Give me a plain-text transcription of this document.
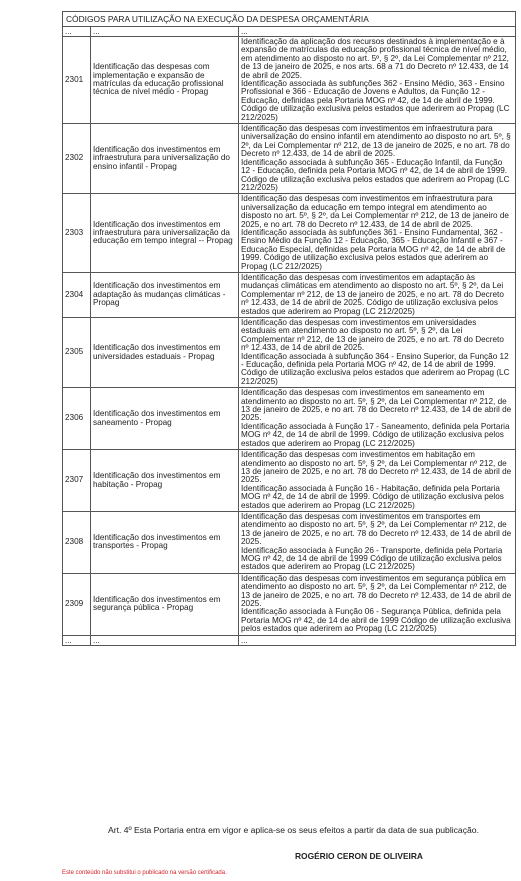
CÓDIGOS PARA UTILIZAÇÃO NA EXECUÇÃO DA DESPESA ORÇAMENTÁRIA		
...	...	...
2301	Identificação das despesas com implementação e expansão de matrículas da educação profissional técnica de nível médio - Propag	Identificação da aplicação dos recursos destinados à implementação e à expansão de matrículas da educação profissional técnica de nível médio, em atendimento ao disposto no art. 5º, § 2º, da Lei Complementar nº 212, de 13 de janeiro de 2025, e nos arts. 68 a 71 do Decreto nº 12.433, de 14 de abril de 2025.

Identificação associada às subfunções 362 - Ensino Médio, 363 - Ensino Profissional e 366 - Educação de Jovens e Adultos, da Função 12 - Educação, definidas pela Portaria MOG nº 42, de 14 de abril de 1999.

Código de utilização exclusiva pelos estados que aderirem ao Propag (LC 212/2025)

2302	Identificação dos investimentos em infraestrutura para universalização do ensino infantil - Propag	Identificação das despesas com investimentos em infraestrutura para universalização do ensino infantil em atendimento ao disposto no art. 5º, § 2º, da Lei Complementar nº 212, de 13 de janeiro de 2025, e no art. 78 do Decreto nº 12.433, de 14 de abril de 2025.

Identificação associada à subfunção 365 - Educação Infantil, da Função 12 - Educação, definida pela Portaria MOG nº 42, de 14 de abril de 1999. Código de utilização exclusiva pelos estados que aderirem ao Propag (LC 212/2025)

2303	Identificação dos investimentos em infraestrutura para universalização da educação em tempo integral -- Propag	Identificação das despesas com investimentos em infraestrutura para universalização da educação em tempo integral em atendimento ao disposto no art. 5º, § 2º, da Lei Complementar nº 212, de 13 de janeiro de 2025, e no art. 78 do Decreto nº 12.433, de 14 de abril de 2025.

Identificação associada às subfunções 361 - Ensino Fundamental, 362 - Ensino Médio da Função 12 - Educação, 365 - Educação Infantil e 367 - Educação Especial, definidas pela Portaria MOG nº 42, de 14 de abril de 1999. Código de utilização exclusiva pelos estados que aderirem ao Propag (LC 212/2025)

2304	Identificação dos investimentos em adaptação às mudanças climáticas - Propag	Identificação das despesas com investimentos em adaptação às mudanças climáticas em atendimento ao disposto no art. 5º, § 2º, da Lei Complementar nº 212, de 13 de janeiro de 2025, e no art. 78 do Decreto nº 12.433, de 14 de abril de 2025. Código de utilização exclusiva pelos estados que aderirem ao Propag (LC 212/2025)

2305	Identificação dos investimentos em universidades estaduais - Propag	Identificação das despesas com investimentos em universidades estaduais em atendimento ao disposto no art. 5º, § 2º, da Lei Complementar nº 212, de 13 de janeiro de 2025, e no art. 78 do Decreto nº 12.433, de 14 de abril de 2025.

Identificação associada à subfunção 364 - Ensino Superior, da Função 12 - Educação, definida pela Portaria MOG nº 42, de 14 de abril de 1999. Código de utilização exclusiva pelos estados que aderirem ao Propag (LC 212/2025)

2306	Identificação dos investimentos em saneamento - Propag	Identificação das despesas com investimentos em saneamento em atendimento ao disposto no art. 5º, § 2º, da Lei Complementar nº 212, de 13 de janeiro de 2025, e no art. 78 do Decreto nº 12.433, de 14 de abril de 2025.

Identificação associada à Função 17 - Saneamento, definida pela Portaria MOG nº 42, de 14 de abril de 1999. Código de utilização exclusiva pelos estados que aderirem ao Propag (LC 212/2025)

2307	Identificação dos investimentos em habitação - Propag	Identificação das despesas com investimentos em habitação em atendimento ao disposto no art. 5º, § 2º, da Lei Complementar nº 212, de 13 de janeiro de 2025, e no art. 78 do Decreto nº 12.433, de 14 de abril de 2025.

Identificação associada à Função 16 - Habitação, definida pela Portaria MOG nº 42, de 14 de abril de 1999. Código de utilização exclusiva pelos estados que aderirem ao Propag (LC 212/2025)

2308	Identificação dos investimentos em transportes - Propag	Identificação das despesas com investimentos em transportes em atendimento ao disposto no art. 5º, § 2º, da Lei Complementar nº 212, de 13 de janeiro de 2025, e no art. 78 do Decreto nº 12.433, de 14 de abril de 2025.

Identificação associada à Função 26 - Transporte, definida pela Portaria MOG nº 42, de 14 de abril de 1999 Código de utilização exclusiva pelos estados que aderirem ao Propag (LC 212/2025)

2309	Identificação dos investimentos em segurança pública - Propag	Identificação das despesas com investimentos em segurança pública em atendimento ao disposto no art. 5º, § 2º, da Lei Complementar nº 212, de 13 de janeiro de 2025, e no art. 78 do Decreto nº 12.433, de 14 de abril de 2025.

Identificação associada à Função 06 - Segurança Pública, definida pela Portaria MOG nº 42, de 14 de abril de 1999 Código de utilização exclusiva pelos estados que aderirem ao Propag (LC 212/2025)

...	...	...
Art. 4º Esta Portaria entra em vigor e aplica-se os seus efeitos a partir da data de sua publicação.
ROGÉRIO CERON DE OLIVEIRA
Este conteúdo não substitui o publicado na versão certificada.
